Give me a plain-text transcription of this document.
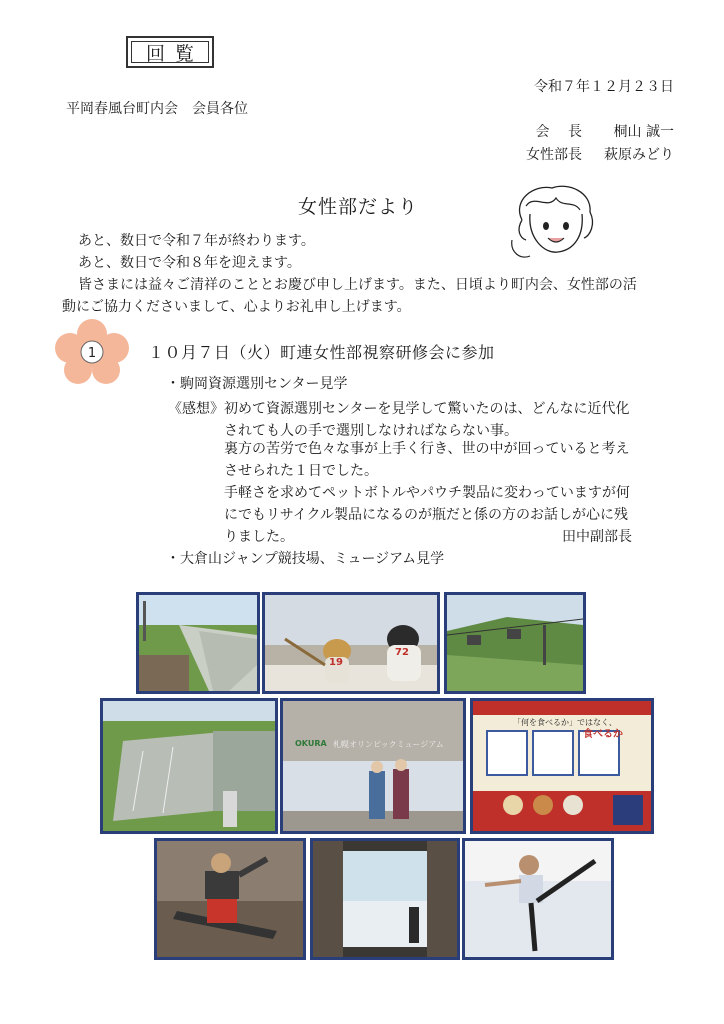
回覧
令和７年１２月２３日
平岡春風台町内会　会員各位
会　 長 桐山 誠一
女性部長 萩原みどり
女性部だより
あと、数日で令和７年が終わります。
あと、数日で令和８年を迎えます。
皆さまには益々ご清祥のこととお慶び申し上げます。また、日頃より町内会、女性部の活
動にご協力くださいまして、心よりお礼申し上げます。
1	１０月７日（火）町連女性部視察研修会に参加
・駒岡資源選別センター見学
《感想》 初めて資源選別センターを見学して驚いたのは、どんなに近代化
されても人の手で選別しなければならない事。
裏方の苦労で色々な事が上手く行き、世の中が回っていると考え
させられた１日でした。
手軽さを求めてペットボトルやパウチ製品に変わっていますが何
にでもリサイクル製品になるのが瓶だと係の方のお話しが心に残
りました。	田中副部長
・大倉山ジャンプ競技場、ミュージアム見学
19
72
OKURA 札幌オリンピックミュージアム
「何を食べるか」ではなく、
食べるか
